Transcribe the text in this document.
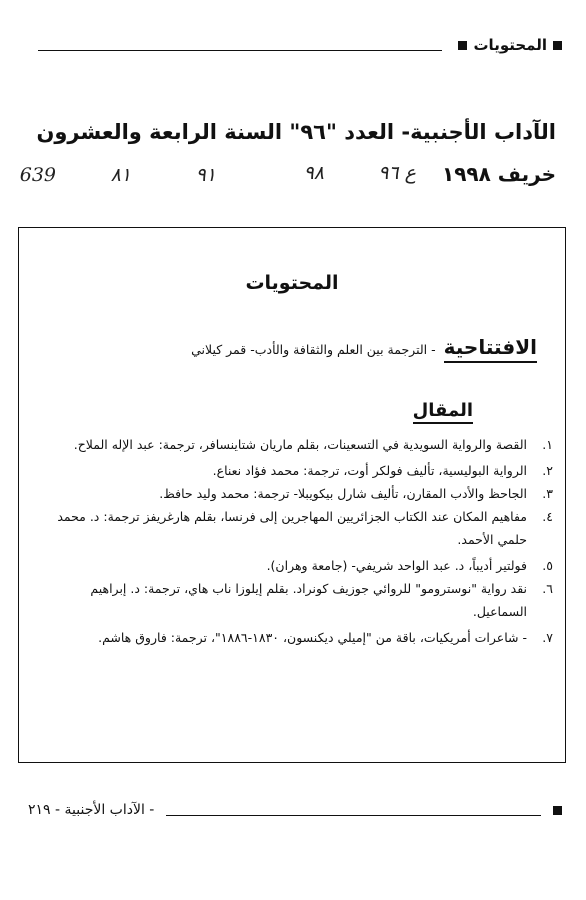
المحتويات
الآداب الأجنبية- العدد "٩٦" السنة الرابعة والعشرون
خريف ١٩٩٨
ع ٩٦
٩٨
٩١
٨١
639
المحتويات
الافتتاحية
- الترجمة بين العلم والثقافة والأدب- قمر كيلاني
المقال
١.
القصة والرواية السويدية في التسعينات، بقلم ماريان شتاينسافر، ترجمة: عبد الإله الملاح.
٢.
الرواية البوليسية، تأليف فولكر أوت، ترجمة: محمد فؤاد نعناع.
٣.
الجاحظ والأدب المقارن، تأليف شارل بيكويبلا- ترجمة: محمد وليد حافظ.
٤.
مفاهيم المكان عند الكتاب الجزائريين المهاجرين إلى فرنسا، بقلم هارغريفز ترجمة: د. محمد حلمي الأحمد.
٥.
فولتير أديباً، د. عبد الواحد شريفي- (جامعة وهران).
٦.
نقد رواية "نوسترومو" للروائي جوزيف كونراد. بقلم إيلوزا ناب هاي، ترجمة: د. إبراهيم السماعيل.
٧.
- شاعرات أمريكيات، باقة من "إميلي ديكنسون، ١٨٣٠-١٨٨٦"، ترجمة: فاروق هاشم.
- الآداب الأجنبية - ٢١٩
